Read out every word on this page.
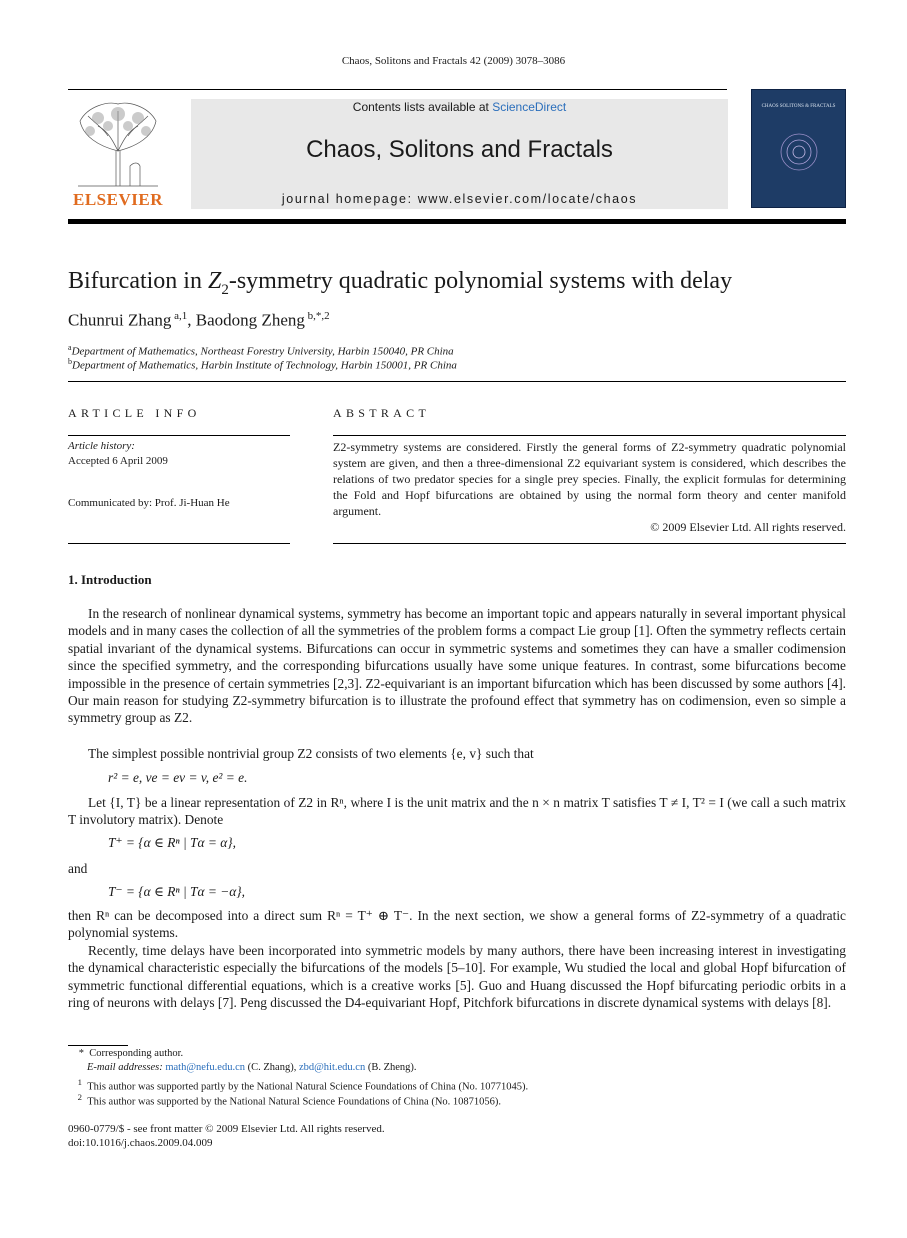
Chaos, Solitons and Fractals 42 (2009) 3078–3086
ELSEVIER
Contents lists available at ScienceDirect
Chaos, Solitons and Fractals
journal homepage: www.elsevier.com/locate/chaos
CHAOS SOLITONS & FRACTALS
Bifurcation in $Z_2$-symmetry quadratic polynomial systems with delay
Chunrui Zhang $^{a,1}$, Baodong Zheng $^{b,*,2}$
$^a$Department of Mathematics, Northeast Forestry University, Harbin 150040, PR China
$^b$Department of Mathematics, Harbin Institute of Technology, Harbin 150001, PR China
ARTICLE INFO
Article history:
Accepted 6 April 2009
Communicated by: Prof. Ji-Huan He
ABSTRACT
Z2-symmetry systems are considered. Firstly the general forms of Z2-symmetry quadratic polynomial system are given, and then a three-dimensional Z2 equivariant system is considered, which describes the relations of two predator species for a single prey species. Finally, the explicit formulas for determining the Fold and Hopf bifurcations are obtained by using the normal form theory and center manifold argument.
© 2009 Elsevier Ltd. All rights reserved.
1. Introduction
In the research of nonlinear dynamical systems, symmetry has become an important topic and appears naturally in several important physical models and in many cases the collection of all the symmetries of the problem forms a compact Lie group [1]. Often the symmetry reflects certain spatial invariant of the dynamical systems. Bifurcations can occur in symmetric systems and sometimes they can have a smaller codimension since the specified symmetry, and the corresponding bifurcations usually have some unique features. In contrast, some bifurcations become impossible in the presence of certain symmetries [2,3]. Z2-equivariant is an important bifurcation which has been discussed by some authors [4]. Our main reason for studying Z2-symmetry bifurcation is to illustrate the profound effect that symmetry has on codimension, even so simple a symmetry group as Z2.
The simplest possible nontrivial group Z2 consists of two elements {e, v} such that
r² = e, ve = ev = v, e² = e.
Let {I, T} be a linear representation of Z2 in Rⁿ, where I is the unit matrix and the n × n matrix T satisfies T ≠ I, T² = I (we call a such matrix T involutory matrix). Denote
T⁺ = {α ∈ Rⁿ | Tα = α},
and
T⁻ = {α ∈ Rⁿ | Tα = −α},
then Rⁿ can be decomposed into a direct sum Rⁿ = T⁺ ⊕ T⁻. In the next section, we show a general forms of Z2-symmetry of a quadratic polynomial systems.
Recently, time delays have been incorporated into symmetric models by many authors, there have been increasing interest in investigating the dynamical characteristic especially the bifurcations of the models [5–10]. For example, Wu studied the local and global Hopf bifurcation of symmetric functional differential equations, which is a creative works [5]. Guo and Huang discussed the Hopf bifurcating periodic orbits in a ring of neurons with delays [7]. Peng discussed the D4-equivariant Hopf, Pitchfork bifurcations in discrete dynamical systems with delays [8].
* Corresponding author.
E-mail addresses: math@nefu.edu.cn (C. Zhang), zbd@hit.edu.cn (B. Zheng).
$^1$ This author was supported partly by the National Natural Science Foundations of China (No. 10771045).
$^2$ This author was supported by the National Natural Science Foundations of China (No. 10871056).
0960-0779/$ - see front matter © 2009 Elsevier Ltd. All rights reserved.
doi:10.1016/j.chaos.2009.04.009
